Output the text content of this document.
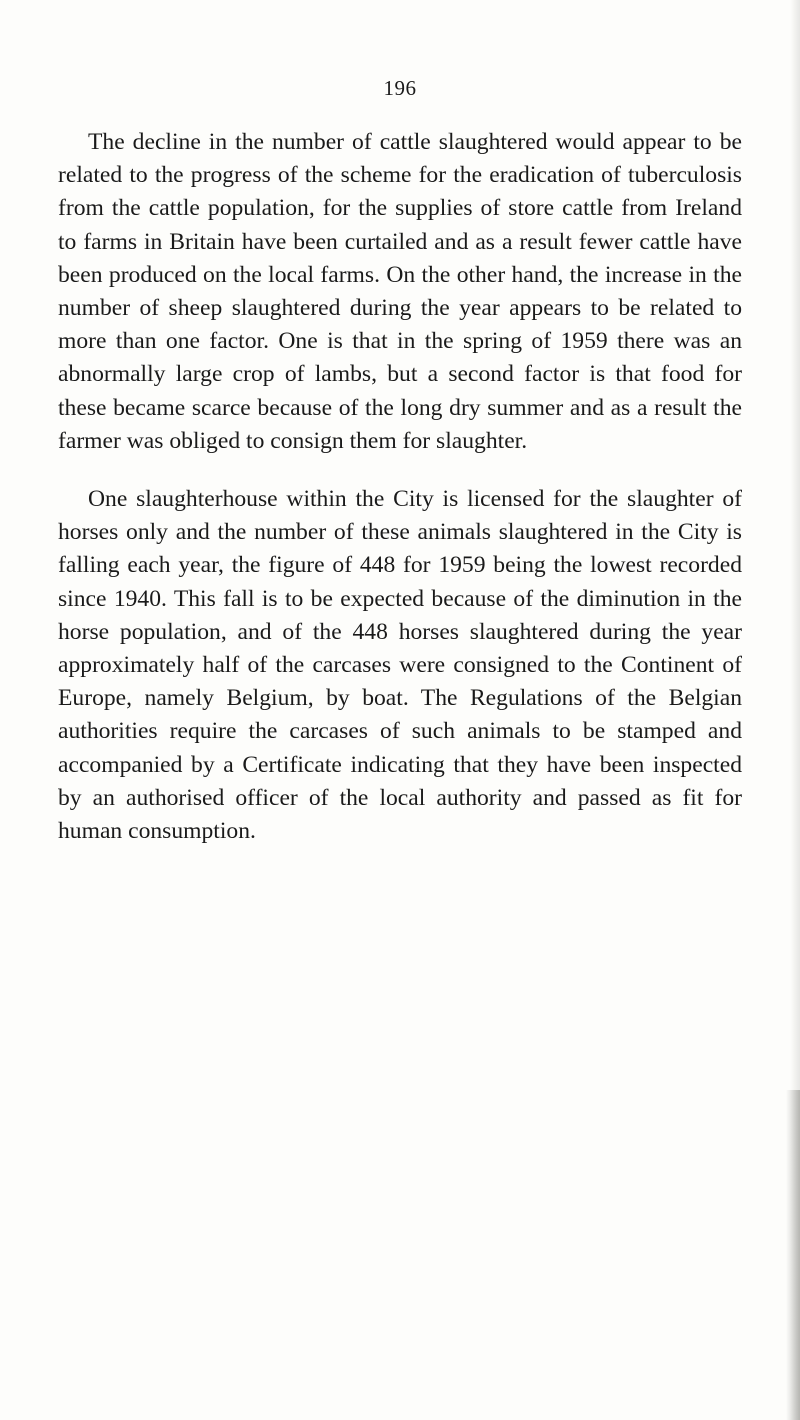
196

The decline in the number of cattle slaughtered would appear to be related to the progress of the scheme for the eradication of tuberculosis from the cattle population, for the supplies of store cattle from Ireland to farms in Britain have been curtailed and as a result fewer cattle have been produced on the local farms. On the other hand, the increase in the number of sheep slaughtered during the year appears to be related to more than one factor. One is that in the spring of 1959 there was an abnormally large crop of lambs, but a second factor is that food for these became scarce because of the long dry summer and as a result the farmer was obliged to consign them for slaughter.

One slaughterhouse within the City is licensed for the slaughter of horses only and the number of these animals slaughtered in the City is falling each year, the figure of 448 for 1959 being the lowest recorded since 1940. This fall is to be expected because of the diminution in the horse population, and of the 448 horses slaughtered during the year approximately half of the carcases were consigned to the Continent of Europe, namely Belgium, by boat. The Regulations of the Belgian authorities require the carcases of such animals to be stamped and accompanied by a Certificate indicating that they have been inspected by an authorised officer of the local authority and passed as fit for human consumption.
